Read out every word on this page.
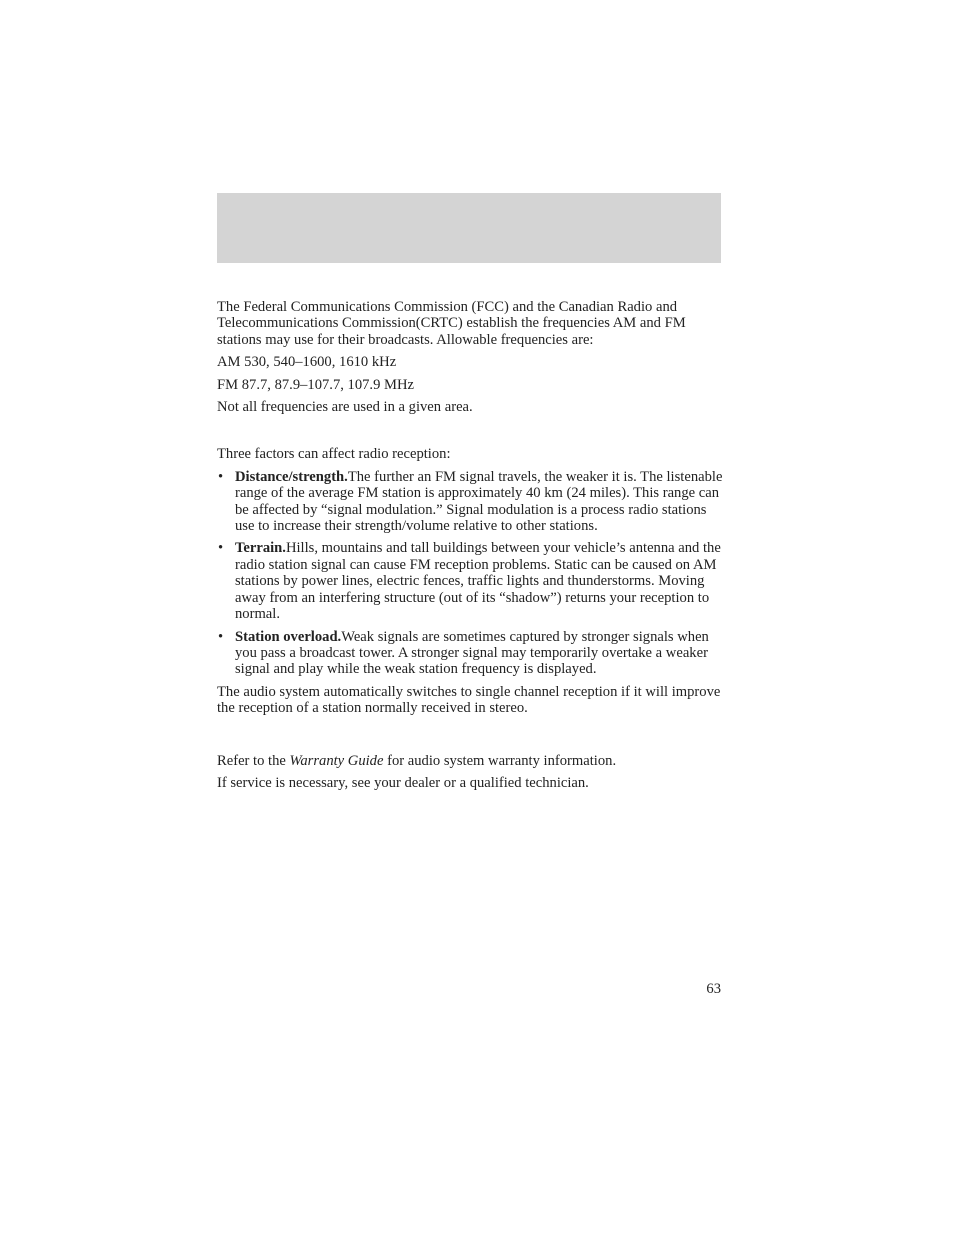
The Federal Communications Commission (FCC) and the Canadian Radio and Telecommunications Commission(CRTC) establish the frequencies AM and FM stations may use for their broadcasts. Allowable frequencies are:

AM 530, 540–1600, 1610 kHz

FM 87.7, 87.9–107.7, 107.9 MHz

Not all frequencies are used in a given area.

Three factors can affect radio reception:

• Distance/strength.The further an FM signal travels, the weaker it is. The listenable range of the average FM station is approximately 40 km (24 miles). This range can be affected by “signal modulation.” Signal modulation is a process radio stations use to increase their strength/volume relative to other stations.
• Terrain.Hills, mountains and tall buildings between your vehicle’s antenna and the radio station signal can cause FM reception problems. Static can be caused on AM stations by power lines, electric fences, traffic lights and thunderstorms. Moving away from an interfering structure (out of its “shadow”) returns your reception to normal.
• Station overload.Weak signals are sometimes captured by stronger signals when you pass a broadcast tower. A stronger signal may temporarily overtake a weaker signal and play while the weak station frequency is displayed.

The audio system automatically switches to single channel reception if it will improve the reception of a station normally received in stereo.

Refer to the Warranty Guide for audio system warranty information.

If service is necessary, see your dealer or a qualified technician.

63
